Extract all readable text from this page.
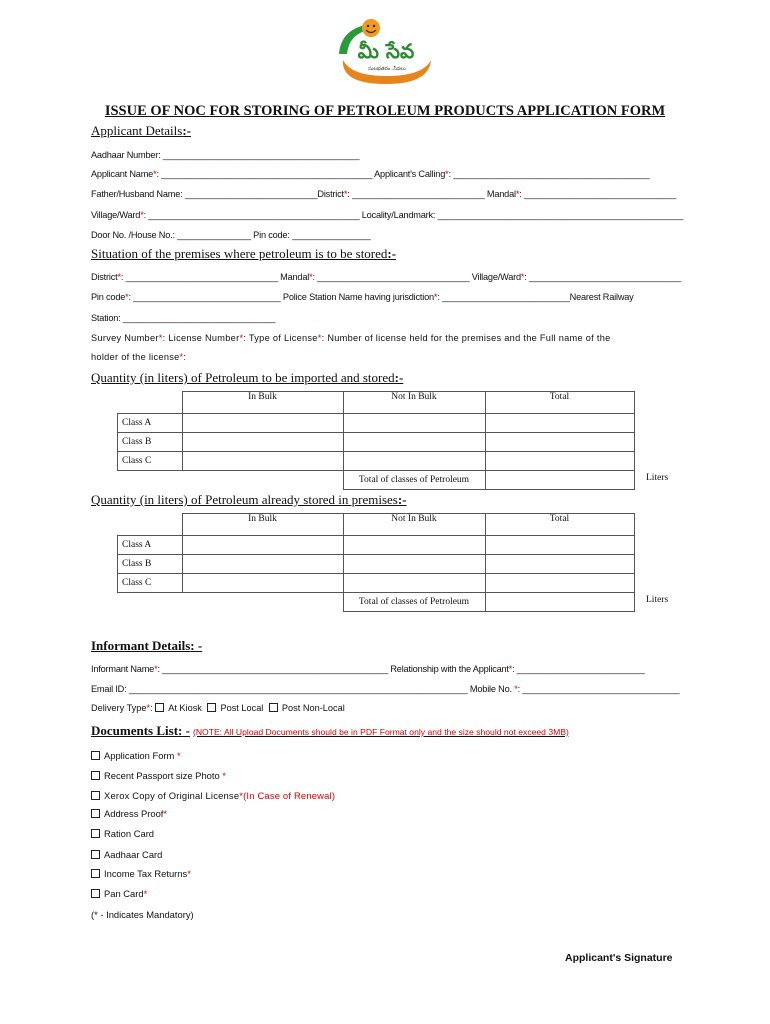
మీ సేవ
సులభతరం..సేవలు
ISSUE OF NOC FOR STORING OF PETROLEUM PRODUCTS APPLICATION FORM
Applicant Details:-
Aadhaar Number: ________________________________________
Applicant Name*: ___________________________________________ Applicant's Calling*: ________________________________________
Father/Husband Name: ___________________________District*: ___________________________ Mandal*: _______________________________
Village/Ward*: ___________________________________________ Locality/Landmark: __________________________________________________
Door No. /House No.: _______________ Pin code: ________________
Situation of the premises where petroleum is to be stored:-
District*: _______________________________ Mandal*: _______________________________ Village/Ward*: _______________________________
Pin code*: ______________________________ Police Station Name having jurisdiction*: __________________________Nearest Railway
Station: _______________________________
Survey Number*: License Number*: Type of License*: Number of license held for the premises and the Full name of the
holder of the license*:
Quantity (in liters) of Petroleum to be imported and stored:-
	In Bulk	Not In Bulk	Total
Class A			
Class B			
Class C			
		Total of classes of Petroleum		Liters
Quantity (in liters) of Petroleum already stored in premises:-
	In Bulk	Not In Bulk	Total
Class A			
Class B			
Class C			
		Total of classes of Petroleum		Liters
Informant Details: -
Informant Name*: ______________________________________________ Relationship with the Applicant*: __________________________
Email ID: _____________________________________________________________________ Mobile No. *: ________________________________
Delivery Type*: At Kiosk Post Local Post Non-Local
Documents List: - (NOTE: All Upload Documents should be in PDF Format only and the size should not exceed 3MB)
Application Form *
Recent Passport size Photo *
Xerox Copy of Original License*(In Case of Renewal)
Address Proof*
Ration Card
Aadhaar Card
Income Tax Returns*
Pan Card*
(* - Indicates Mandatory)
Applicant's Signature
